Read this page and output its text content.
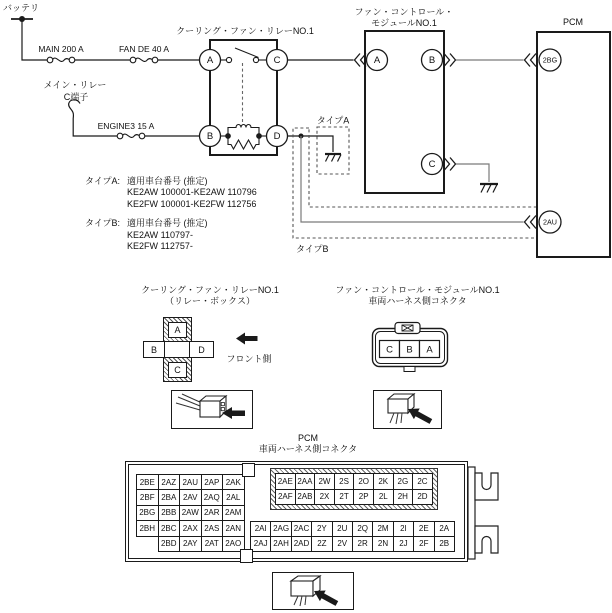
バッテリ
MAIN 200 A	FAN DE 40 A
メイン・リレー
C端子
ENGINE3 15 A
A	C
B	D
クーリング・ファン・リレーNO.1
タイプA
タイプB
A	B
C
ファン・コントロール・
モジュールNO.1
2BG
2AU
PCM
タイプA: 適用車台番号 (推定)
KE2AW 100001-KE2AW 110796
KE2FW 100001-KE2FW 112756
タイプB: 適用車台番号 (推定)
KE2AW 110797-
KE2FW 112757-
クーリング・ファン・リレーNO.1
（リレー・ボックス）
A
B	D
C
フロント側
ファン・コントロール・モジュールNO.1
車両ハーネス側コネクタ
C B A
PCM
車両ハーネス側コネクタ
2BE	2AZ	2AU	2AP	2AK
2BF	2BA	2AV	2AQ	2AL
2BG	2BB	2AW	2AR	2AM
2BH	2BC	2AX	2AS	2AN
	2BD	2AY	2AT	2AO
2AE	2AA	2W	2S	2O	2K	2G	2C
2AF	2AB	2X	2T	2P	2L	2H	2D
2AI	2AG	2AC	2Y	2U	2Q	2M	2I	2E	2A
2AJ	2AH	2AD	2Z	2V	2R	2N	2J	2F	2B
